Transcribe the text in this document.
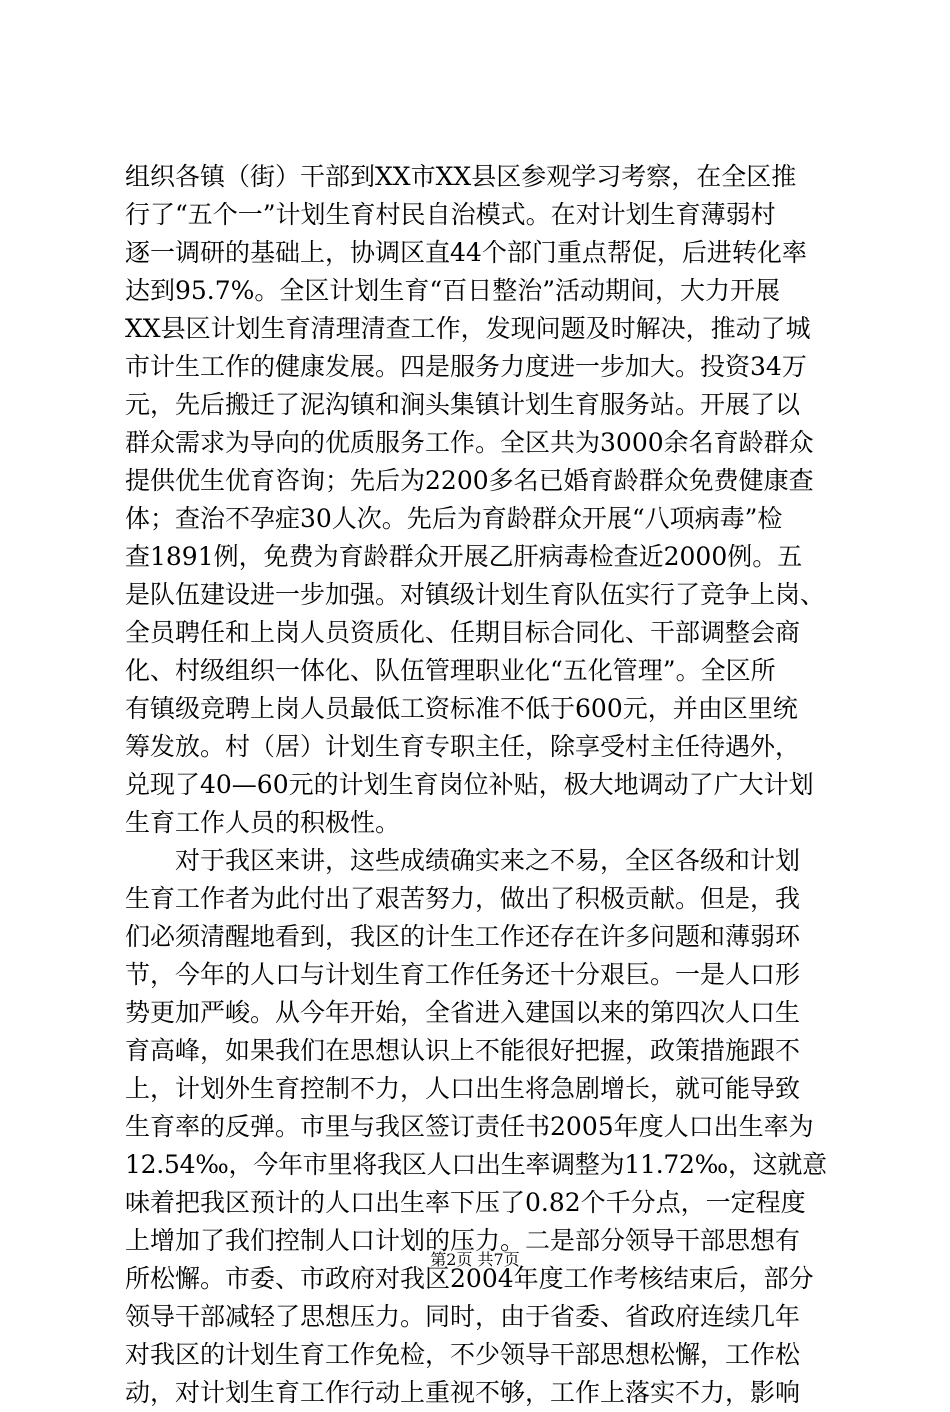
组织各镇（街）干部到XX市XX县区参观学习考察，在全区推
行了“五个一”计划生育村民自治模式。在对计划生育薄弱村
逐一调研的基础上，协调区直44个部门重点帮促，后进转化率
达到95.7%。全区计划生育“百日整治”活动期间，大力开展
XX县区计划生育清理清查工作，发现问题及时解决，推动了城
市计生工作的健康发展。四是服务力度进一步加大。投资34万
元，先后搬迁了泥沟镇和涧头集镇计划生育服务站。开展了以
群众需求为导向的优质服务工作。全区共为3000余名育龄群众
提供优生优育咨询；先后为2200多名已婚育龄群众免费健康查
体；查治不孕症30人次。先后为育龄群众开展“八项病毒”检
查1891例，免费为育龄群众开展乙肝病毒检查近2000例。五
是队伍建设进一步加强。对镇级计划生育队伍实行了竞争上岗、
全员聘任和上岗人员资质化、任期目标合同化、干部调整会商
化、村级组织一体化、队伍管理职业化“五化管理”。全区所
有镇级竞聘上岗人员最低工资标准不低于600元，并由区里统
筹发放。村（居）计划生育专职主任，除享受村主任待遇外，
兑现了40—60元的计划生育岗位补贴，极大地调动了广大计划
生育工作人员的积极性。
　　对于我区来讲，这些成绩确实来之不易，全区各级和计划
生育工作者为此付出了艰苦努力，做出了积极贡献。但是，我
们必须清醒地看到，我区的计生工作还存在许多问题和薄弱环
节，今年的人口与计划生育工作任务还十分艰巨。一是人口形
势更加严峻。从今年开始，全省进入建国以来的第四次人口生
育高峰，如果我们在思想认识上不能很好把握，政策措施跟不
上，计划外生育控制不力，人口出生将急剧增长，就可能导致
生育率的反弹。市里与我区签订责任书2005年度人口出生率为
12.54‰，今年市里将我区人口出生率调整为11.72‰，这就意
味着把我区预计的人口出生率下压了0.82个千分点，一定程度
上增加了我们控制人口计划的压力。二是部分领导干部思想有
所松懈。市委、市政府对我区2004年度工作考核结束后，部分
领导干部减轻了思想压力。同时，由于省委、省政府连续几年
对我区的计划生育工作免检，不少领导干部思想松懈，工作松
动，对计划生育工作行动上重视不够，工作上落实不力，影响
第2页 共7页
